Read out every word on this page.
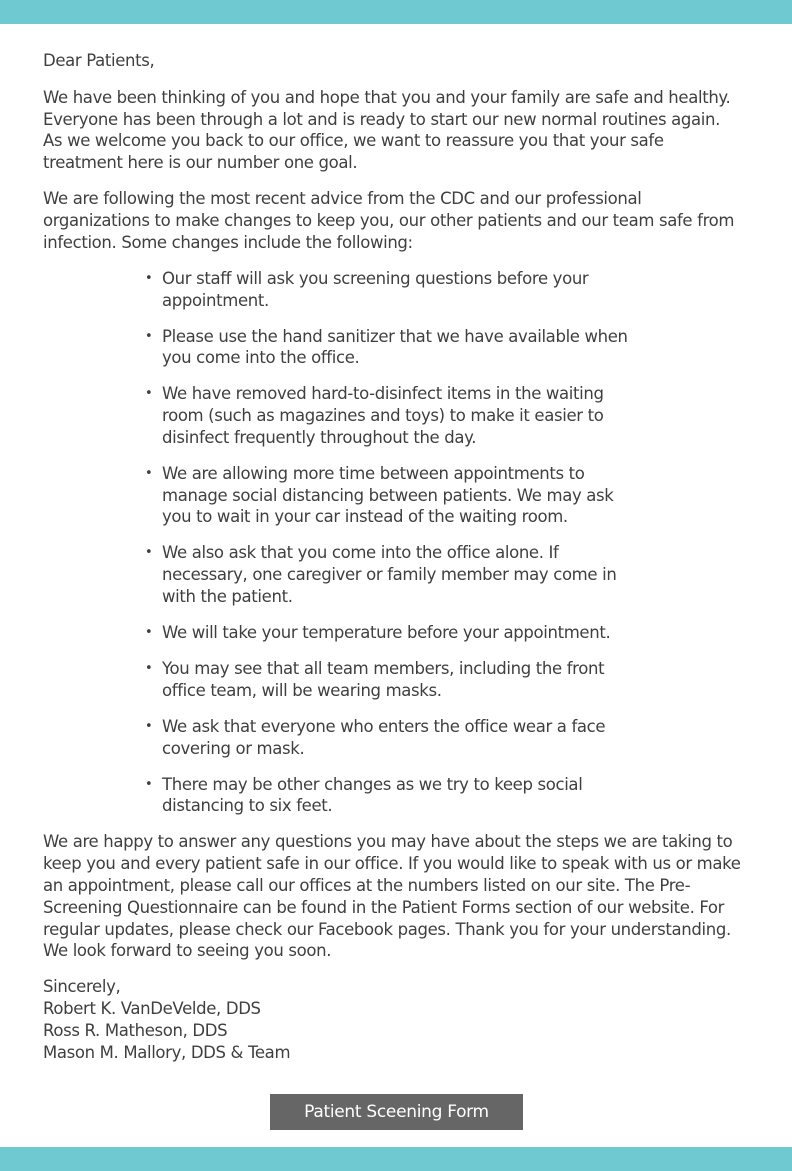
Dear Patients,

We have been thinking of you and hope that you and your family are safe and healthy. Everyone has been through a lot and is ready to start our new normal routines again. As we welcome you back to our office, we want to reassure you that your safe treatment here is our number one goal.

We are following the most recent advice from the CDC and our professional organizations to make changes to keep you, our other patients and our team safe from infection. Some changes include the following:

• Our staff will ask you screening questions before your appointment.
• Please use the hand sanitizer that we have available when you come into the office.
• We have removed hard-to-disinfect items in the waiting room (such as magazines and toys) to make it easier to disinfect frequently throughout the day.
• We are allowing more time between appointments to manage social distancing between patients. We may ask you to wait in your car instead of the waiting room.
• We also ask that you come into the office alone. If necessary, one caregiver or family member may come in with the patient.
• We will take your temperature before your appointment.
• You may see that all team members, including the front office team, will be wearing masks.
• We ask that everyone who enters the office wear a face covering or mask.
• There may be other changes as we try to keep social distancing to six feet.

We are happy to answer any questions you may have about the steps we are taking to keep you and every patient safe in our office. If you would like to speak with us or make an appointment, please call our offices at the numbers listed on our site. The Pre-Screening Questionnaire can be found in the Patient Forms section of our website. For regular updates, please check our Facebook pages. Thank you for your understanding. We look forward to seeing you soon.

Sincerely,
Robert K. VanDeVelde, DDS
Ross R. Matheson, DDS
Mason M. Mallory, DDS & Team

Patient Sceening Form
